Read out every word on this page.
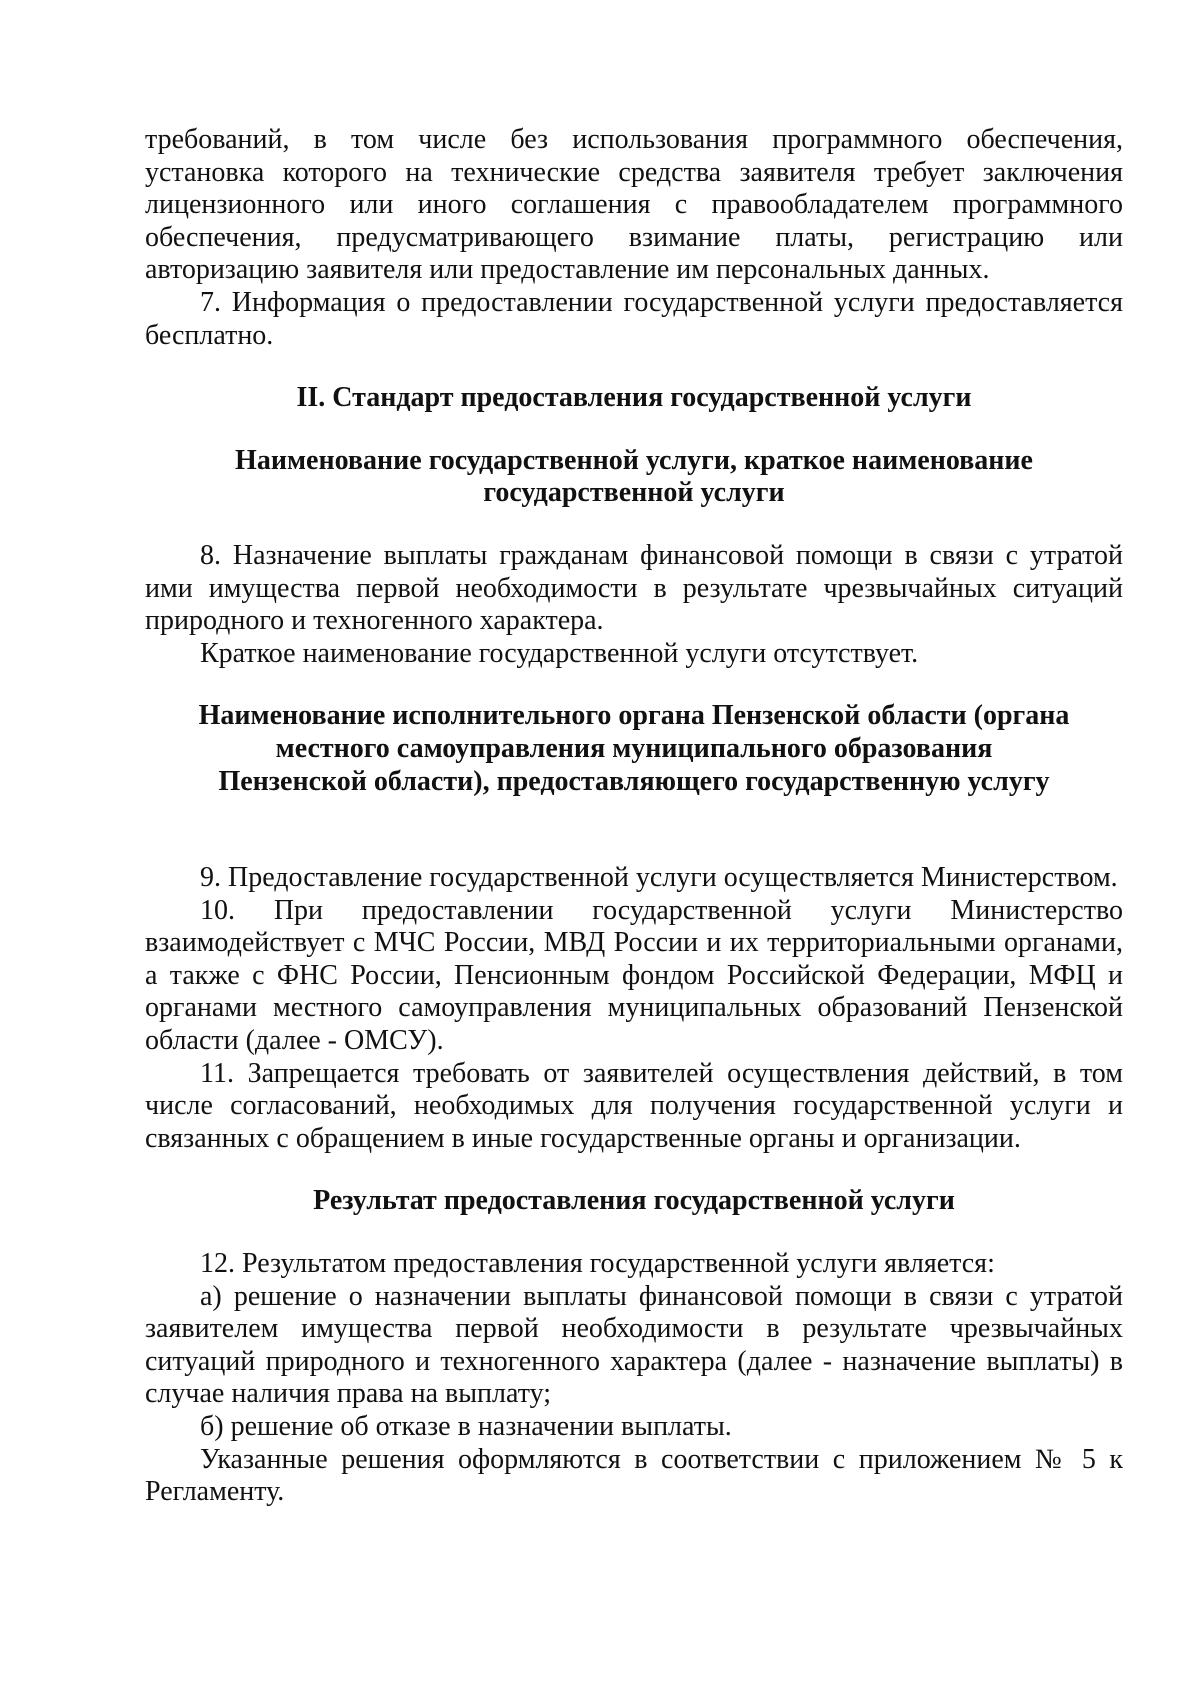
требований, в том числе без использования программного обеспечения, установка которого на технические средства заявителя требует заключения лицензионного или иного соглашения с правообладателем программного обеспечения, предусматривающего взимание платы, регистрацию или авторизацию заявителя или предоставление им персональных данных.

7. Информация о предоставлении государственной услуги предоставляется бесплатно.

II. Стандарт предоставления государственной услуги
Наименование государственной услуги, краткое наименование
государственной услуги

8. Назначение выплаты гражданам финансовой помощи в связи с утратой ими имущества первой необходимости в результате чрезвычайных ситуаций природного и техногенного характера.

Краткое наименование государственной услуги отсутствует.

Наименование исполнительного органа Пензенской области (органа
местного самоуправления муниципального образования
Пензенской области), предоставляющего государственную услугу

9. Предоставление государственной услуги осуществляется Министерством.

10. При предоставлении государственной услуги Министерство взаимодействует с МЧС России, МВД России и их территориальными органами, а также с ФНС России, Пенсионным фондом Российской Федерации, МФЦ и органами местного самоуправления муниципальных образований Пензенской области (далее - ОМСУ).

11. Запрещается требовать от заявителей осуществления действий, в том числе согласований, необходимых для получения государственной услуги и связанных с обращением в иные государственные органы и организации.

Результат предоставления государственной услуги

12. Результатом предоставления государственной услуги является:

а) решение о назначении выплаты финансовой помощи в связи с утратой заявителем имущества первой необходимости в результате чрезвычайных ситуаций природного и техногенного характера (далее - назначение выплаты) в случае наличия права на выплату;

б) решение об отказе в назначении выплаты.

Указанные решения оформляются в соответствии с приложением № 5 к Регламенту.
